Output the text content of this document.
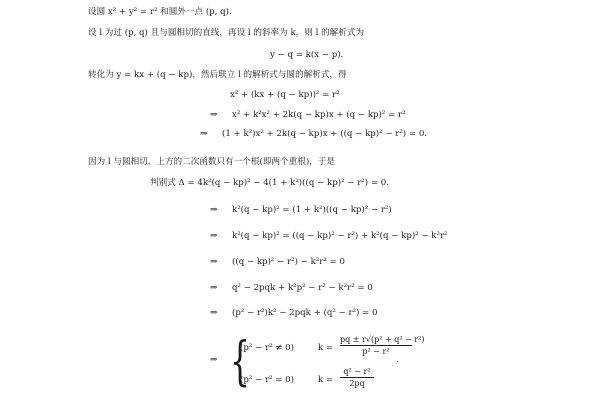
设圆 x² + y² = r² 和圆外一点 (p, q).
设 l 为过 (p, q) 且与圆相切的直线，再设 l 的斜率为 k，则 l 的解析式为
y − q = k(x − p).
转化为 y = kx + (q − kp)，然后联立 l 的解析式与圆的解析式，得
x² + (kx + (q − kp))² = r²
⇒ x² + k²x² + 2k(q − kp)x + (q − kp)² = r²
⇒ (1 + k²)x² + 2k(q − kp)x + ((q − kp)² − r²) = 0.
因为 l 与圆相切，上方的二次函数只有一个根(即两个重根)，于是
判别式 Δ = 4k²(q − kp)² − 4(1 + k²)((q − kp)² − r²) = 0.
⇒ k²(q − kp)² = (1 + k²)((q − kp)² − r²)
⇒ k²(q − kp)² = ((q − kp)² − r²) + k²(q − kp)² − k²r²
⇒ ((q − kp)² − r²) − k²r² = 0
⇒ q² − 2pqk + k²p² − r² − k²r² = 0
⇒ (p² − r²)k² − 2pqk + (q² − r²) = 0
⇒ {
(p² − r² ≠ 0)	k =
pq ± r√(p² + q² − r²)
p² − r²
.
(p² − r² = 0)	k =
q² − r²
2pq
